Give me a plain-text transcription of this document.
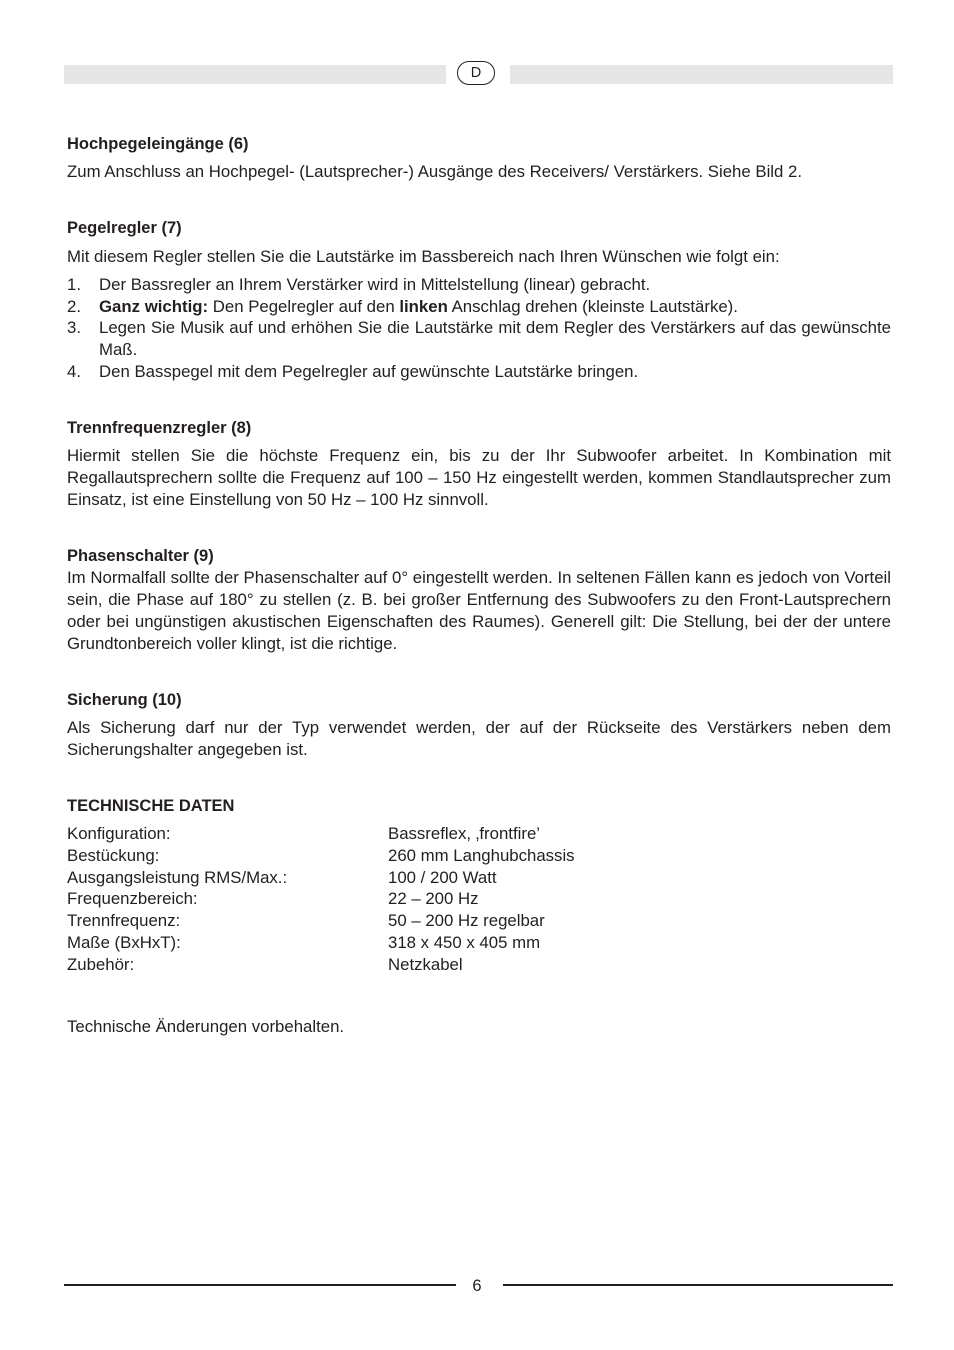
D
Hochpegeleingänge (6)
Zum Anschluss an Hochpegel- (Lautsprecher-) Ausgänge des Receivers/ Verstärkers. Siehe Bild 2.
Pegelregler (7)
Mit diesem Regler stellen Sie die Lautstärke im Bassbereich nach Ihren Wünschen wie folgt ein:
1.	Der Bassregler an Ihrem Verstärker wird in Mittelstellung (linear) gebracht.
2.	Ganz wichtig: Den Pegelregler auf den linken Anschlag drehen (kleinste Lautstärke).
3.	Legen Sie Musik auf und erhöhen Sie die Lautstärke mit dem Regler des Verstärkers auf das gewünschte Maß.
4.	Den Basspegel mit dem Pegelregler auf gewünschte Lautstärke bringen.
Trennfrequenzregler (8)
Hiermit stellen Sie die höchste Frequenz ein, bis zu der Ihr Subwoofer arbeitet. In Kombination mit Regallautsprechern sollte die Frequenz auf 100 – 150 Hz eingestellt werden, kommen Standlautsprecher zum Einsatz, ist eine Einstellung von 50 Hz – 100 Hz sinnvoll.
Phasenschalter (9)
Im Normalfall sollte der Phasenschalter auf 0° eingestellt werden. In seltenen Fällen kann es jedoch von Vorteil sein, die Phase auf 180° zu stellen (z. B. bei großer Entfernung des Subwoofers zu den Front-Lautsprechern oder bei ungünstigen akustischen Eigenschaften des Raumes). Generell gilt: Die Stellung, bei der der untere Grundtonbereich voller klingt, ist die richtige.
Sicherung (10)
Als Sicherung darf nur der Typ verwendet werden, der auf der Rückseite des Verstärkers neben dem Sicherungshalter angegeben ist.
TECHNISCHE DATEN
Konfiguration:	Bassreflex, ‚frontfire’
Bestückung:	260 mm Langhubchassis
Ausgangsleistung RMS/Max.:	100 / 200 Watt
Frequenzbereich:	22 – 200 Hz
Trennfrequenz:	50 – 200 Hz regelbar
Maße (BxHxT):	318 x 450 x 405 mm
Zubehör:	Netzkabel
Technische Änderungen vorbehalten.
6
